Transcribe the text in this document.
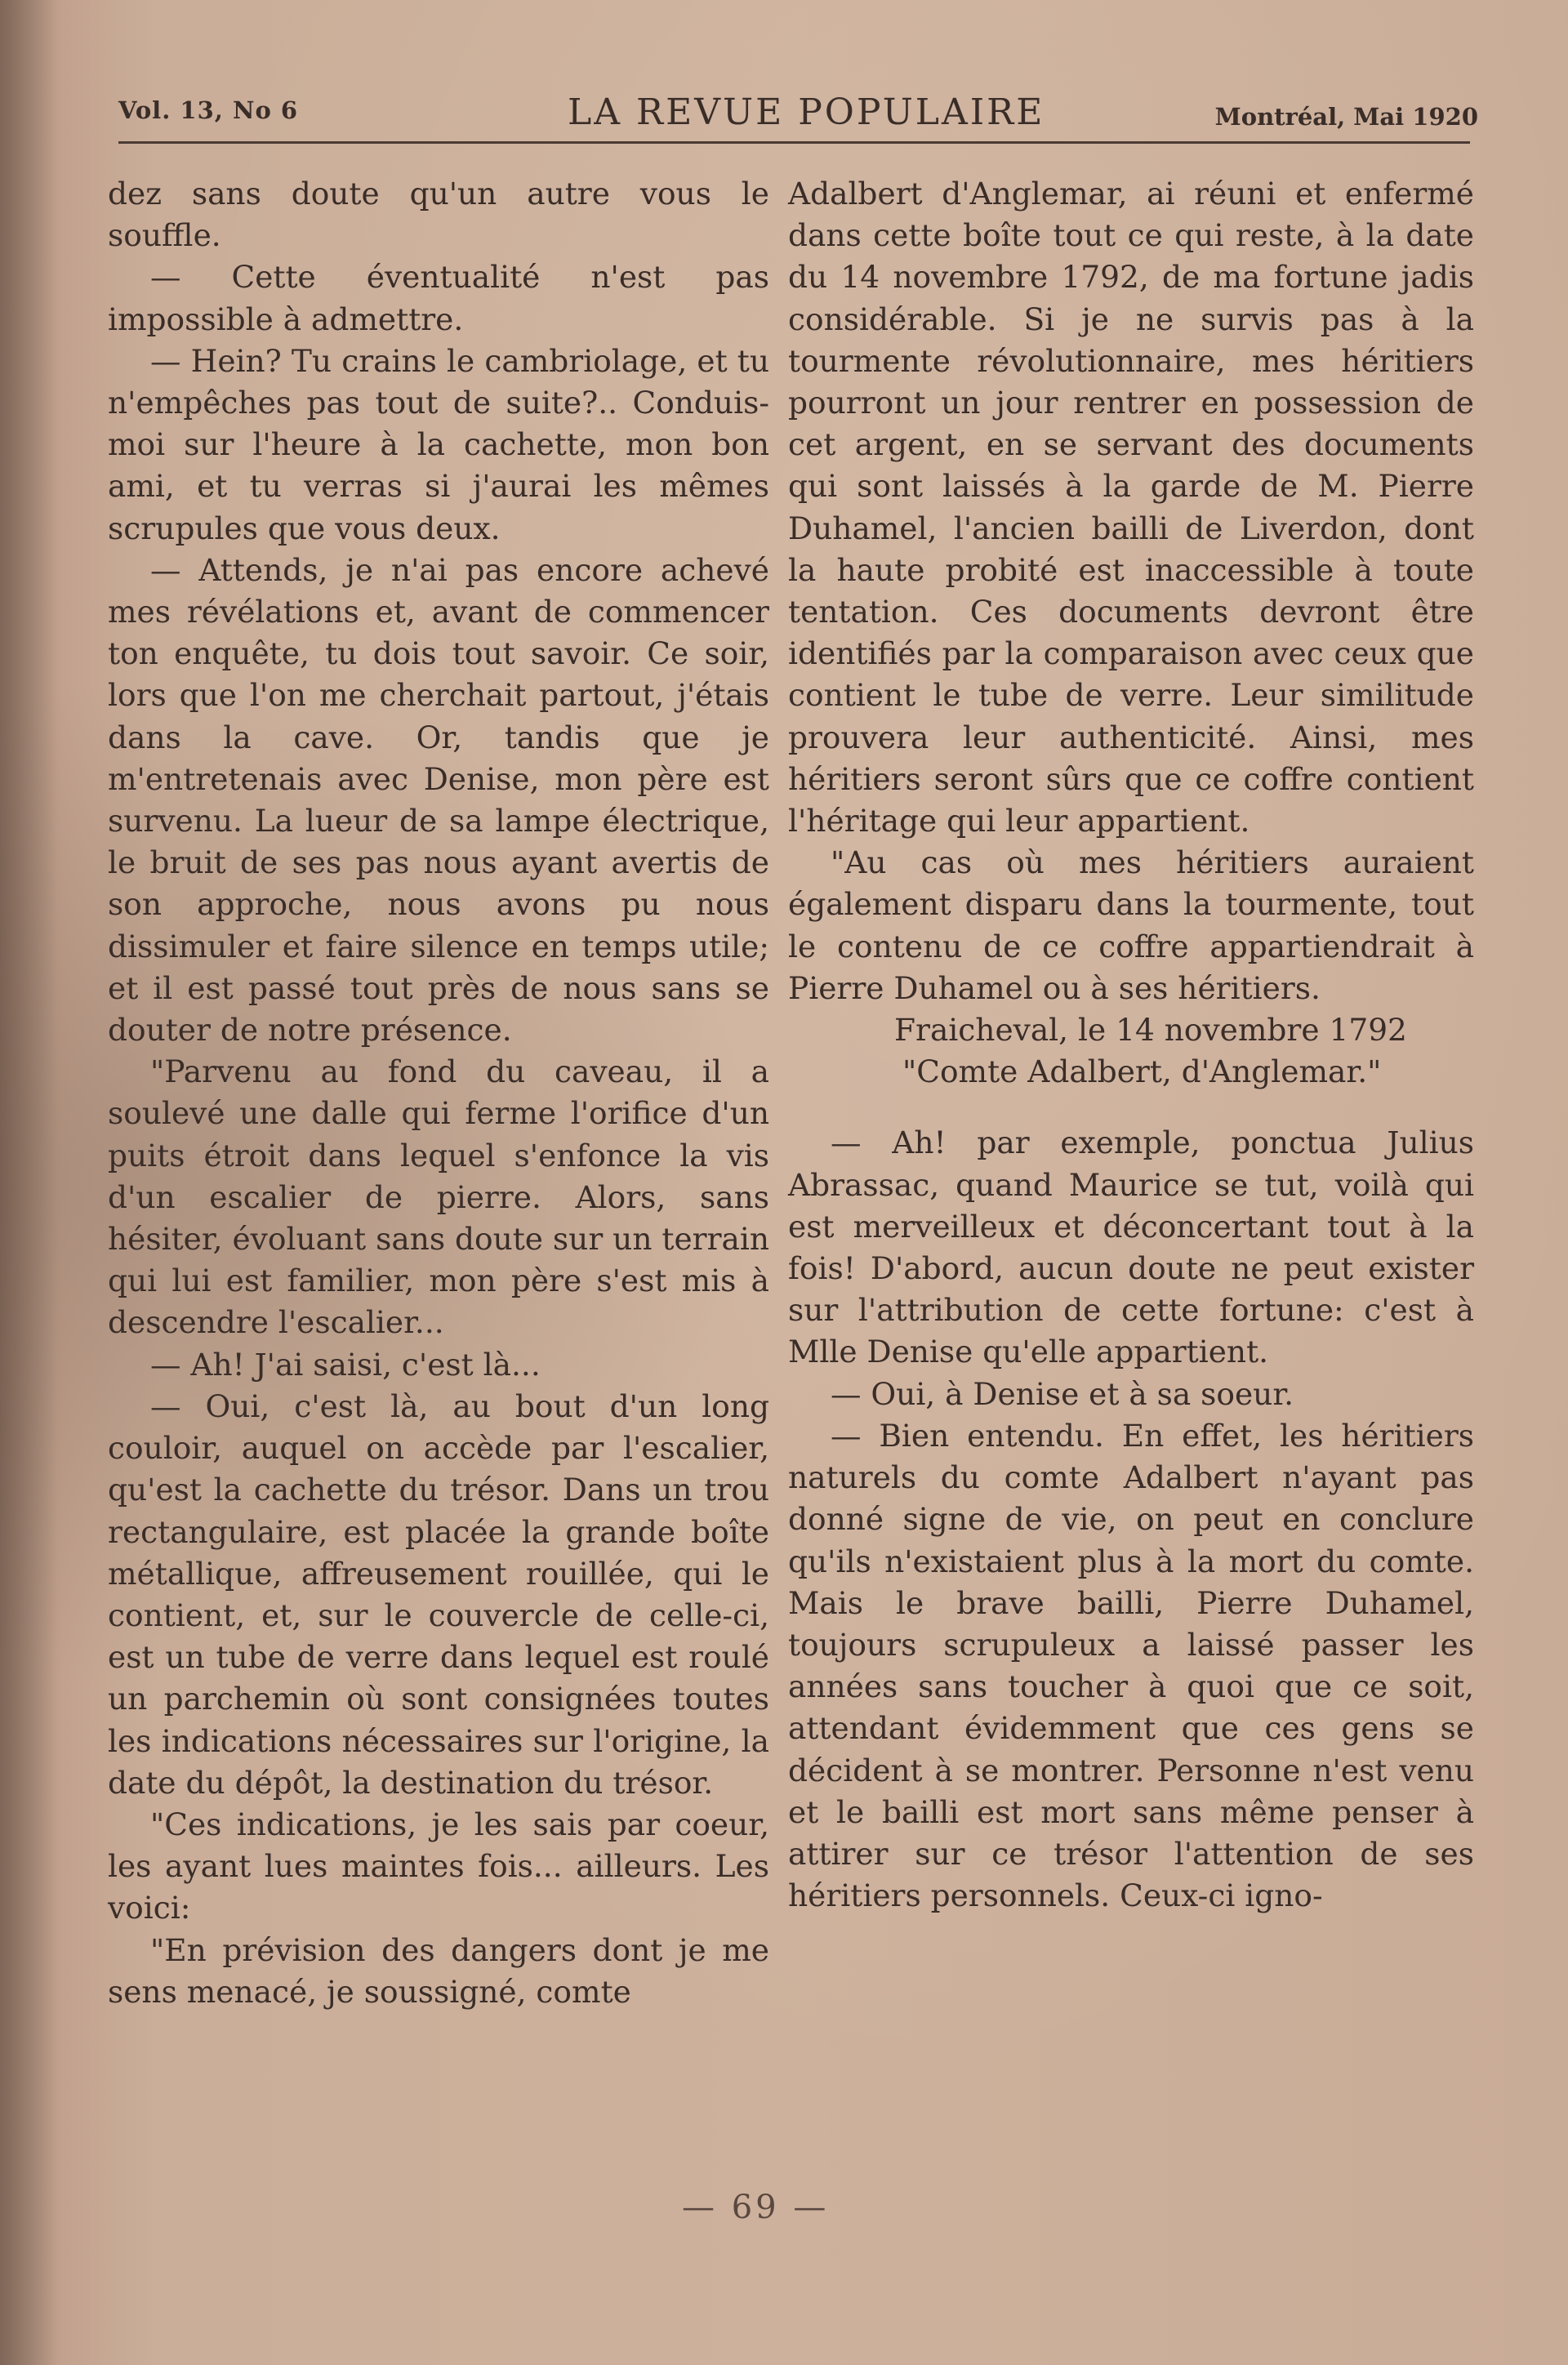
Vol. 13, No 6	LA REVUE POPULAIRE	Montréal, Mai 1920

dez sans doute qu'un autre vous le souffle.

— Cette éventualité n'est pas impossible à admettre.

— Hein? Tu crains le cambriolage, et tu n'empêches pas tout de suite?.. Conduis-moi sur l'heure à la cachette, mon bon ami, et tu verras si j'aurai les mêmes scrupules que vous deux.

— Attends, je n'ai pas encore achevé mes révélations et, avant de commencer ton enquête, tu dois tout savoir. Ce soir, lors que l'on me cherchait partout, j'étais dans la cave. Or, tandis que je m'entretenais avec Denise, mon père est survenu. La lueur de sa lampe électrique, le bruit de ses pas nous ayant avertis de son approche, nous avons pu nous dissimuler et faire silence en temps utile; et il est passé tout près de nous sans se douter de notre présence.

"Parvenu au fond du caveau, il a soulevé une dalle qui ferme l'orifice d'un puits étroit dans lequel s'enfonce la vis d'un escalier de pierre. Alors, sans hésiter, évoluant sans doute sur un terrain qui lui est familier, mon père s'est mis à descendre l'escalier...

— Ah! J'ai saisi, c'est là...

— Oui, c'est là, au bout d'un long couloir, auquel on accède par l'escalier, qu'est la cachette du trésor. Dans un trou rectangulaire, est placée la grande boîte métallique, affreusement rouillée, qui le contient, et, sur le couvercle de celle-ci, est un tube de verre dans lequel est roulé un parchemin où sont consignées toutes les indications nécessaires sur l'origine, la date du dépôt, la destination du trésor.

"Ces indications, je les sais par coeur, les ayant lues maintes fois... ailleurs. Les voici:

"En prévision des dangers dont je me sens menacé, je soussigné, comte

Adalbert d'Anglemar, ai réuni et enfermé dans cette boîte tout ce qui reste, à la date du 14 novembre 1792, de ma fortune jadis considérable. Si je ne survis pas à la tourmente révolutionnaire, mes héritiers pourront un jour rentrer en possession de cet argent, en se servant des documents qui sont laissés à la garde de M. Pierre Duhamel, l'ancien bailli de Liverdon, dont la haute probité est inaccessible à toute tentation. Ces documents devront être identifiés par la comparaison avec ceux que contient le tube de verre. Leur similitude prouvera leur authenticité. Ainsi, mes héritiers seront sûrs que ce coffre contient l'héritage qui leur appartient.

"Au cas où mes héritiers auraient également disparu dans la tourmente, tout le contenu de ce coffre appartiendrait à Pierre Duhamel ou à ses héritiers.

Fraicheval, le 14 novembre 1792

"Comte Adalbert, d'Anglemar."

— Ah! par exemple, ponctua Julius Abrassac, quand Maurice se tut, voilà qui est merveilleux et déconcertant tout à la fois! D'abord, aucun doute ne peut exister sur l'attribution de cette fortune: c'est à Mlle Denise qu'elle appartient.

— Oui, à Denise et à sa soeur.

— Bien entendu. En effet, les héritiers naturels du comte Adalbert n'ayant pas donné signe de vie, on peut en conclure qu'ils n'existaient plus à la mort du comte. Mais le brave bailli, Pierre Duhamel, toujours scrupuleux a laissé passer les années sans toucher à quoi que ce soit, attendant évidemment que ces gens se décident à se montrer. Personne n'est venu et le bailli est mort sans même penser à attirer sur ce trésor l'attention de ses héritiers personnels. Ceux-ci igno-

— 69 —
